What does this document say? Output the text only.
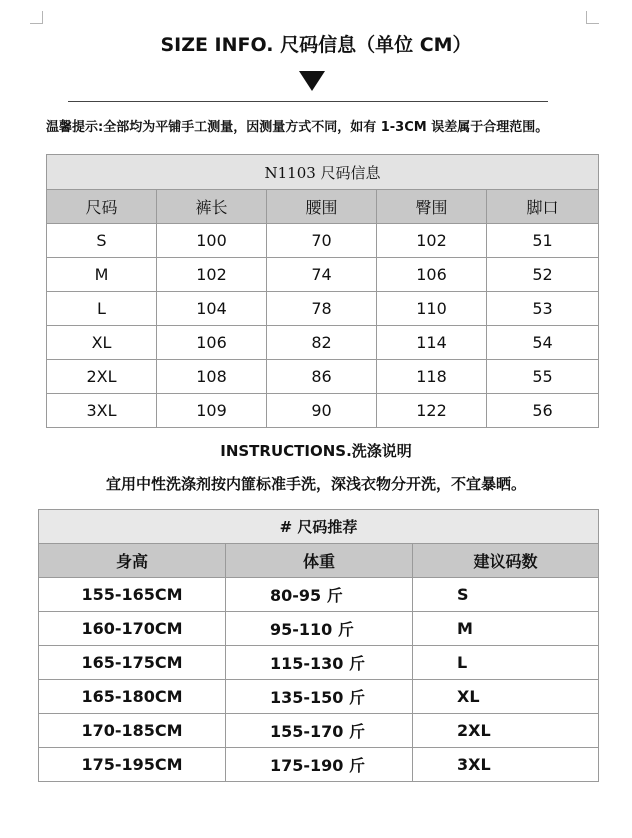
SIZE INFO. 尺码信息（单位 CM）
温馨提示:全部均为平铺手工测量，因测量方式不同，如有 1-3CM 误差属于合理范围。
N1103 尺码信息				
尺码	裤长	腰围	臀围	脚口
S	100	70	102	51
M	102	74	106	52
L	104	78	110	53
XL	106	82	114	54
2XL	108	86	118	55
3XL	109	90	122	56
INSTRUCTIONS.洗涤说明
宜用中性洗涤剂按内篚标准手洗，深浅衣物分开洗，不宜暴晒。
# 尺码推荐		
身高	体重	建议码数
155-165CM	80-95 斤	S
160-170CM	95-110 斤	M
165-175CM	115-130 斤	L
165-180CM	135-150 斤	XL
170-185CM	155-170 斤	2XL
175-195CM	175-190 斤	3XL
